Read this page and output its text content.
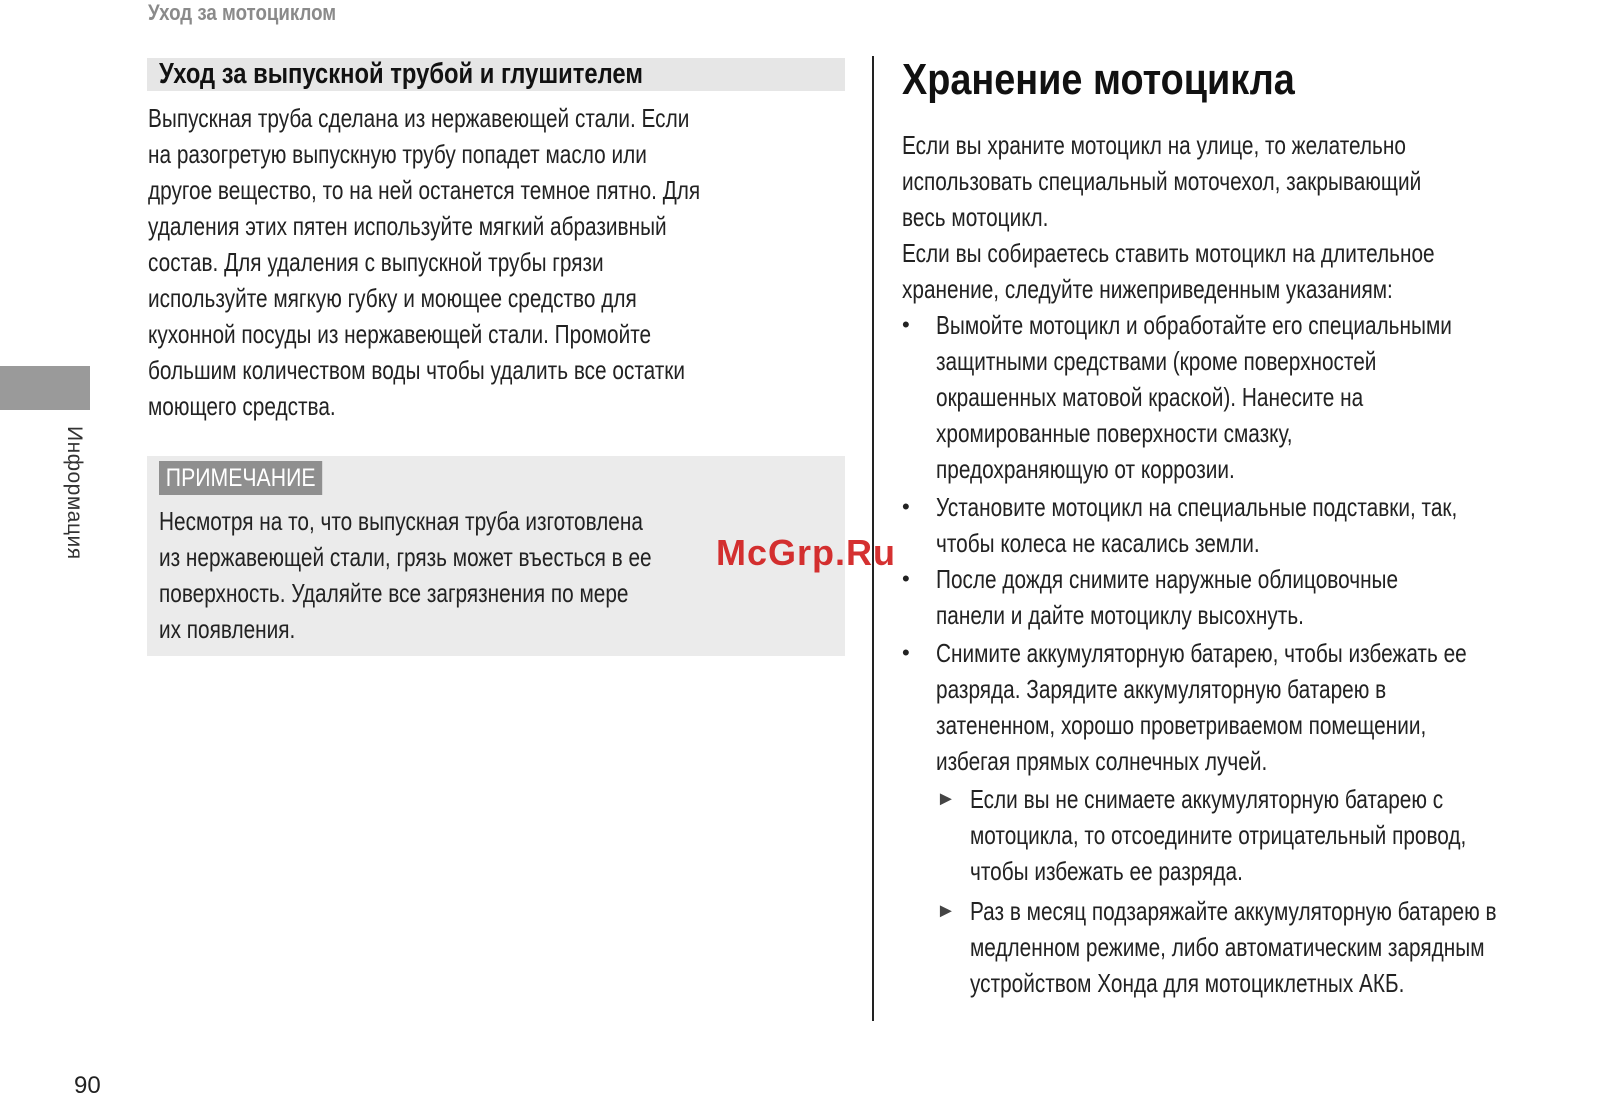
Уход за мотоциклом
Информация
Уход за выпускной трубой и глушителем
Выпускная труба сделана из нержавеющей стали. Если
на разогретую выпускную трубу попадет масло или
другое вещество, то на ней останется темное пятно. Для
удаления этих пятен используйте мягкий абразивный
состав. Для удаления с выпускной трубы грязи
используйте мягкую губку и моющее средство для
кухонной посуды из нержавеющей стали. Промойте
большим количеством воды чтобы удалить все остатки
моющего средства.
ПРИМЕЧАНИЕ
Несмотря на то, что выпускная труба изготовлена
из нержавеющей стали, грязь может въесться в ее
поверхность. Удаляйте все загрязнения по мере
их появления.
Хранение мотоцикла
Если вы храните мотоцикл на улице, то желательно
использовать специальный моточехол, закрывающий
весь мотоцикл.
Если вы собираетесь ставить мотоцикл на длительное
хранение, следуйте нижеприведенным указаниям:
• Вымойте мотоцикл и обработайте его специальными
защитными средствами (кроме поверхностей
окрашенных матовой краской). Нанесите на
хромированные поверхности смазку,
предохраняющую от коррозии.
• Установите мотоцикл на специальные подставки, так,
чтобы колеса не касались земли.
• После дождя снимите наружные облицовочные
панели и дайте мотоциклу высохнуть.
• Снимите аккумуляторную батарею, чтобы избежать ее
разряда. Зарядите аккумуляторную батарею в
затененном, хорошо проветриваемом помещении,
избегая прямых солнечных лучей.
► Если вы не снимаете аккумуляторную батарею с
мотоцикла, то отсоедините отрицательный провод,
чтобы избежать ее разряда.
► Раз в месяц подзаряжайте аккумуляторную батарею в
медленном режиме, либо автоматическим зарядным
устройством Хонда для мотоциклетных АКБ.
McGrp.Ru
90
